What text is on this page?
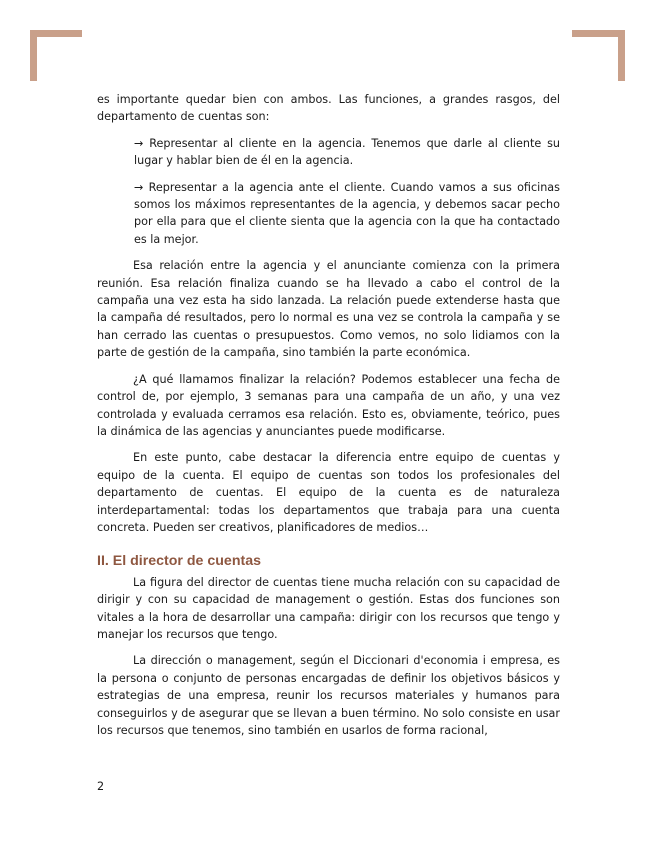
es importante quedar bien con ambos. Las funciones, a grandes rasgos, del departamento de cuentas son:

→ Representar al cliente en la agencia. Tenemos que darle al cliente su lugar y hablar bien de él en la agencia.

→ Representar a la agencia ante el cliente. Cuando vamos a sus oficinas somos los máximos representantes de la agencia, y debemos sacar pecho por ella para que el cliente sienta que la agencia con la que ha contactado es la mejor.

Esa relación entre la agencia y el anunciante comienza con la primera reunión. Esa relación finaliza cuando se ha llevado a cabo el control de la campaña una vez esta ha sido lanzada. La relación puede extenderse hasta que la campaña dé resultados, pero lo normal es una vez se controla la campaña y se han cerrado las cuentas o presupuestos. Como vemos, no solo lidiamos con la parte de gestión de la campaña, sino también la parte económica.

¿A qué llamamos finalizar la relación? Podemos establecer una fecha de control de, por ejemplo, 3 semanas para una campaña de un año, y una vez controlada y evaluada cerramos esa relación. Esto es, obviamente, teórico, pues la dinámica de las agencias y anunciantes puede modificarse.

En este punto, cabe destacar la diferencia entre equipo de cuentas y equipo de la cuenta. El equipo de cuentas son todos los profesionales del departamento de cuentas. El equipo de la cuenta es de naturaleza interdepartamental: todas los departamentos que trabaja para una cuenta concreta. Pueden ser creativos, planificadores de medios…

II. El director de cuentas

La figura del director de cuentas tiene mucha relación con su capacidad de dirigir y con su capacidad de management o gestión. Estas dos funciones son vitales a la hora de desarrollar una campaña: dirigir con los recursos que tengo y manejar los recursos que tengo.

La dirección o management, según el Diccionari d'economia i empresa, es la persona o conjunto de personas encargadas de definir los objetivos básicos y estrategias de una empresa, reunir los recursos materiales y humanos para conseguirlos y de asegurar que se llevan a buen término. No solo consiste en usar los recursos que tenemos, sino también en usarlos de forma racional,

2
